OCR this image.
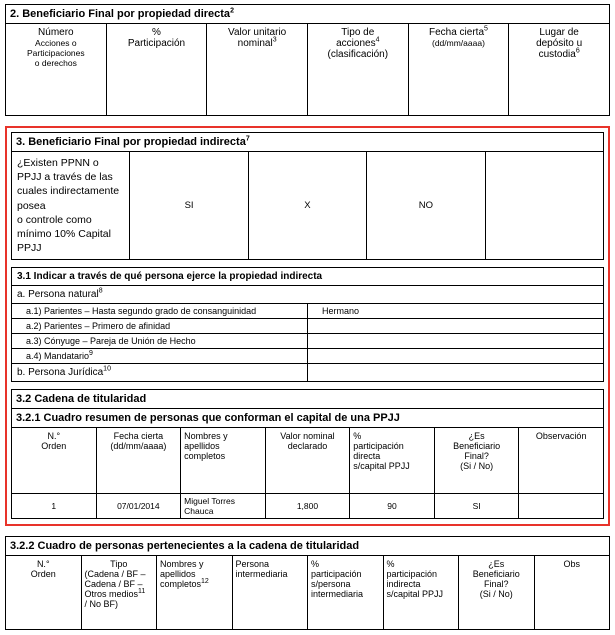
2. Beneficiario Final por propiedad directa$^2$

Número
Acciones o
Participaciones
o derechos

%
Participación

Valor unitario
nominal$^3$

Tipo de
acciones$^4$
(clasificación)

Fecha cierta$^5$
(dd/mm/aaaa)

Lugar de
depósito u
custodia$^6$
3. Beneficiario Final por propiedad indirecta$^7$

¿Existen PPNN o PPJJ a través de las cuales indirectamente posea
o controle como mínimo 10% Capital PPJJ
	SI	X	NO	
3.1 Indicar a través de qué persona ejerce la propiedad indirecta	
a. Persona natural$^8$
a.1) Parientes – Hasta segundo grado de consanguinidad	Hermano
a.2) Parientes – Primero de afinidad	
a.3) Cónyuge – Pareja de Unión de Hecho	
a.4) Mandatario$^9$	
b. Persona Jurídica$^{10}$	
3.2 Cadena de titularidad						
3.2.1 Cuadro resumen de personas que conforman el capital de una PPJJ						

N.°
Orden

Fecha cierta
(dd/mm/aaaa)

Nombres y
apellidos
completos

Valor nominal
declarado

%
participación
directa
s/capital PPJJ

¿Es
Beneficiario
Final?
(Si / No)

Observación

1	07/01/2014	Miguel Torres Chauca	1,800	90	SI	
3.2.2 Cuadro de personas pertenecientes a la cadena de titularidad

N.°
Orden

Tipo
(Cadena / BF –
Cadena / BF –
Otros medios$^{11}$
/ No BF)

Nombres y
apellidos
completos$^{12}$

Persona
intermediaria

%
participación
s/persona
intermediaria

%
participación
indirecta
s/capital PPJJ

¿Es
Beneficiario
Final?
(Si / No)

Obs
